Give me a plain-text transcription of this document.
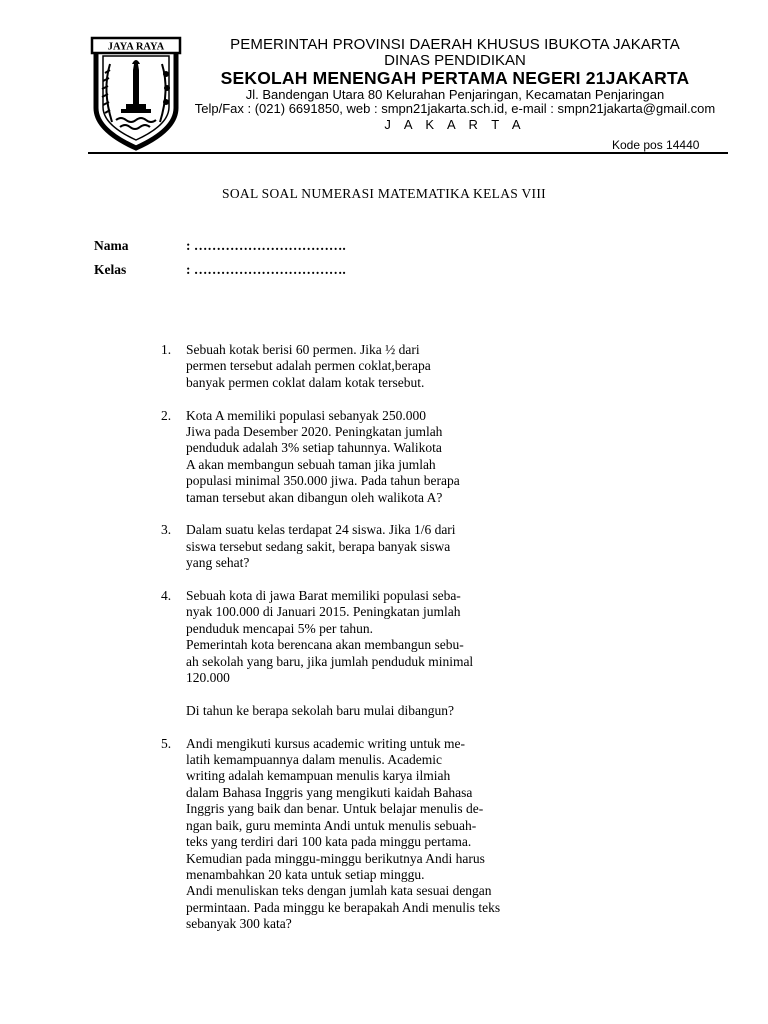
JAYA RAYA	PEMERINTAH PROVINSI DAERAH KHUSUS IBUKOTA JAKARTA
DINAS PENDIDIKAN
SEKOLAH MENENGAH PERTAMA NEGERI 21JAKARTA
Jl. Bandengan Utara 80 Kelurahan Penjaringan, Kecamatan Penjaringan
Telp/Fax : (021) 6691850, web : smpn21jakarta.sch.id, e-mail : smpn21jakarta@gmail.com
J A K A R T A
Kode pos 14440
SOAL SOAL NUMERASI MATEMATIKA KELAS VIII
Nama	: …………………………….
Kelas	: …………………………….
1. Sebuah kotak berisi 60 permen. Jika ½ dari
permen tersebut adalah permen coklat,berapa
banyak permen coklat dalam kotak tersebut.
2. Kota A memiliki populasi sebanyak 250.000
Jiwa pada Desember 2020. Peningkatan jumlah
penduduk adalah 3% setiap tahunnya. Walikota
A akan membangun sebuah taman jika jumlah
populasi minimal 350.000 jiwa. Pada tahun berapa
taman tersebut akan dibangun oleh walikota A?
3. Dalam suatu kelas terdapat 24 siswa. Jika 1/6 dari
siswa tersebut sedang sakit, berapa banyak siswa
yang sehat?
4. Sebuah kota di jawa Barat memiliki populasi seba-
nyak 100.000 di Januari 2015. Peningkatan jumlah
penduduk mencapai 5% per tahun.
Pemerintah kota berencana akan membangun sebu-
ah sekolah yang baru, jika jumlah penduduk minimal
120.000
Di tahun ke berapa sekolah baru mulai dibangun?
5. Andi mengikuti kursus academic writing untuk me-
latih kemampuannya dalam menulis. Academic
writing adalah kemampuan menulis karya ilmiah
dalam Bahasa Inggris yang mengikuti kaidah Bahasa
Inggris yang baik dan benar. Untuk belajar menulis de-
ngan baik, guru meminta Andi untuk menulis sebuah-
teks yang terdiri dari 100 kata pada minggu pertama.
Kemudian pada minggu-minggu berikutnya Andi harus
menambahkan 20 kata untuk setiap minggu.
Andi menuliskan teks dengan jumlah kata sesuai dengan
permintaan. Pada minggu ke berapakah Andi menulis teks
sebanyak 300 kata?
